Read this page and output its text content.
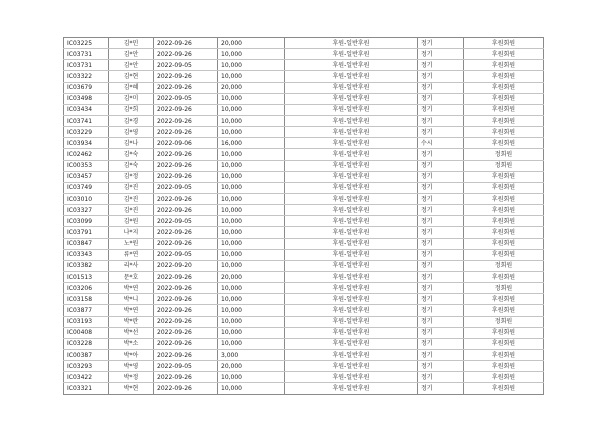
IC03225	김*민	2022-09-26	20,000	후원-일반후원	정기	후원회원
IC03731	김*안	2022-09-26	10,000	후원-일반후원	정기	후원회원
IC03731	김*안	2022-09-05	10,000	후원-일반후원	정기	후원회원
IC03322	김*현	2022-09-26	10,000	후원-일반후원	정기	후원회원
IC03679	김*혜	2022-09-26	20,000	후원-일반후원	정기	후원회원
IC03498	김*미	2022-09-05	10,000	후원-일반후원	정기	후원회원
IC03434	김*희	2022-09-26	10,000	후원-일반후원	정기	후원회원
IC03741	김*경	2022-09-26	10,000	후원-일반후원	정기	후원회원
IC03229	김*영	2022-09-26	10,000	후원-일반후원	정기	후원회원
IC03934	김*나	2022-09-06	16,000	후원-일반후원	수시	후원회원
IC02462	김*숙	2022-09-26	10,000	후원-일반후원	정기	정회원
IC00353	김*숙	2022-09-26	10,000	후원-일반후원	정기	정회원
IC03457	김*정	2022-09-26	10,000	후원-일반후원	정기	후원회원
IC03749	김*진	2022-09-05	10,000	후원-일반후원	정기	후원회원
IC03010	김*진	2022-09-26	10,000	후원-일반후원	정기	후원회원
IC03327	김*진	2022-09-26	10,000	후원-일반후원	정기	후원회원
IC03099	김*원	2022-09-05	10,000	후원-일반후원	정기	후원회원
IC03791	나*지	2022-09-26	10,000	후원-일반후원	정기	후원회원
IC03847	노*원	2022-09-26	10,000	후원-일반후원	정기	후원회원
IC03343	류*연	2022-09-05	10,000	후원-일반후원	정기	후원회원
IC03382	리*사	2022-09-20	10,000	후원-일반후원	정기	정회원
IC01513	문*호	2022-09-26	20,000	후원-일반후원	정기	후원회원
IC03206	박*연	2022-09-26	10,000	후원-일반후원	정기	정회원
IC03158	박*니	2022-09-26	10,000	후원-일반후원	정기	후원회원
IC03877	박*연	2022-09-26	10,000	후원-일반후원	정기	후원회원
IC03193	박*란	2022-09-26	10,000	후원-일반후원	정기	정회원
IC00408	박*선	2022-09-26	10,000	후원-일반후원	정기	후원회원
IC03228	박*소	2022-09-26	10,000	후원-일반후원	정기	후원회원
IC00387	박*아	2022-09-26	3,000	후원-일반후원	정기	후원회원
IC03293	박*영	2022-09-05	20,000	후원-일반후원	정기	후원회원
IC03422	박*정	2022-09-26	10,000	후원-일반후원	정기	후원회원
IC03321	박*현	2022-09-26	10,000	후원-일반후원	정기	후원회원
